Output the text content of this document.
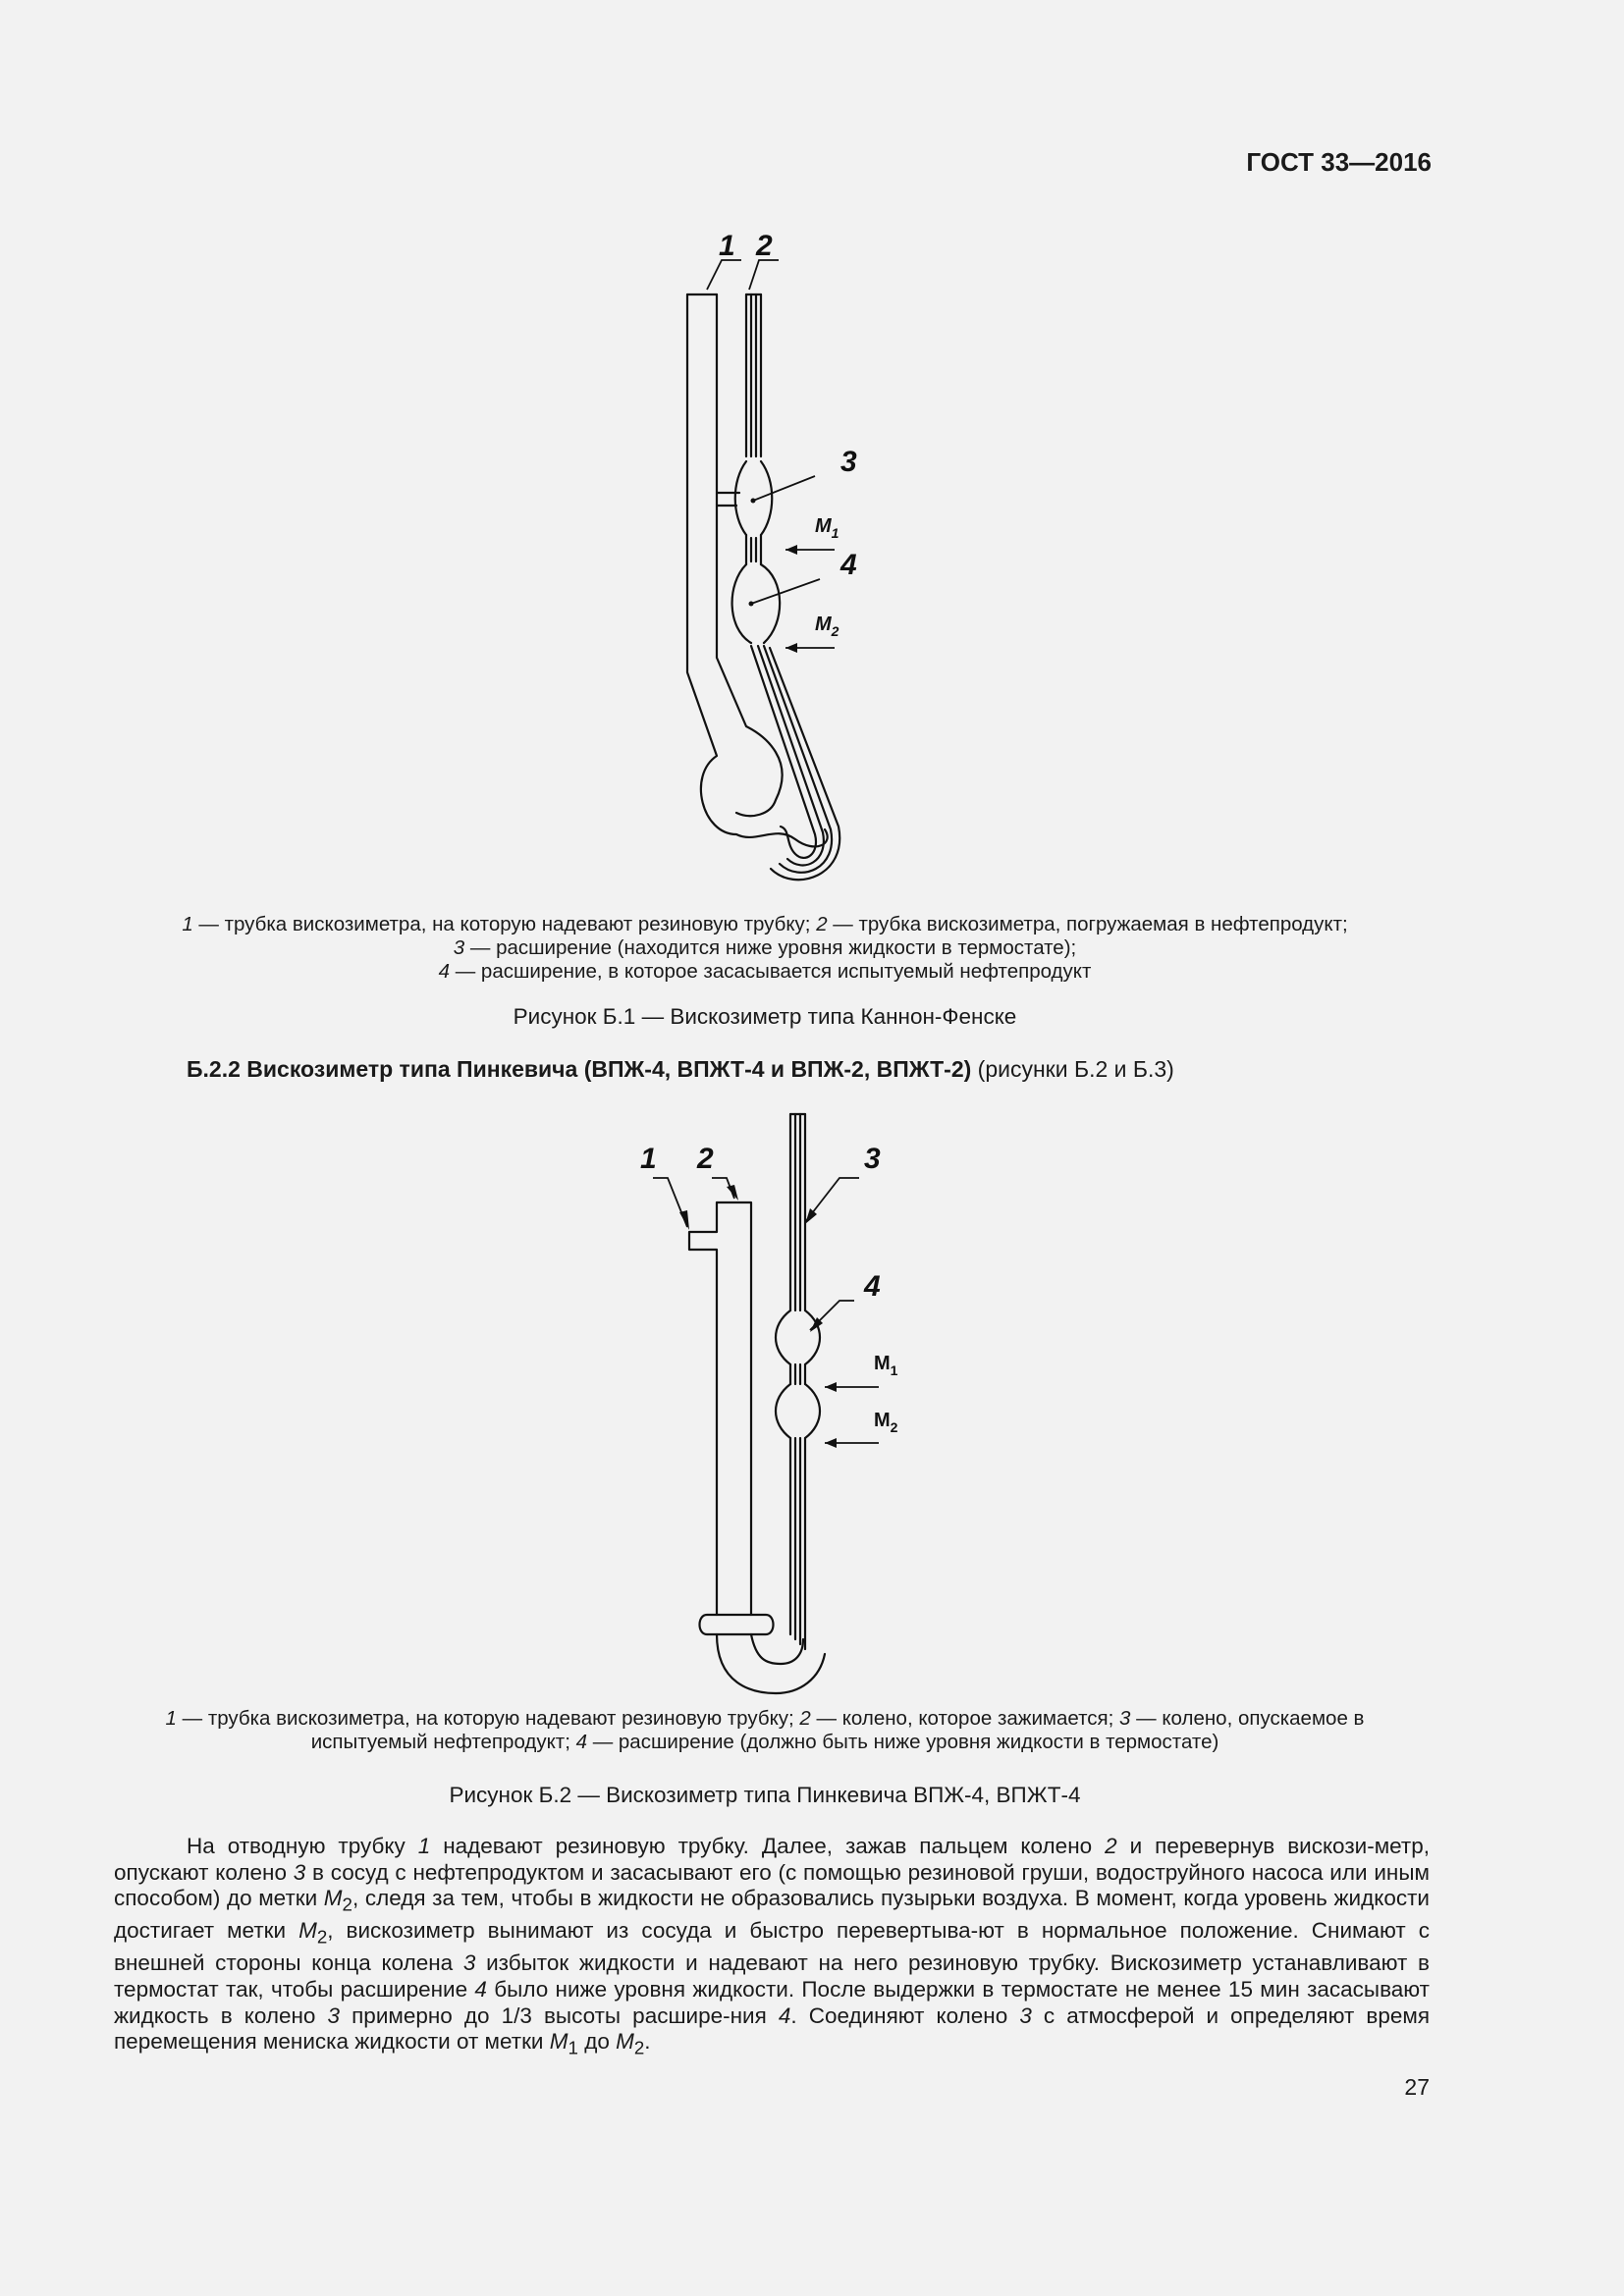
ГОСТ 33—2016
1 2
3
4
$M_1$
$M_2$
1 — трубка вискозиметра, на которую надевают резиновую трубку; 2 — трубка вискозиметра, погружаемая в нефтепродукт;
3 — расширение (находится ниже уровня жидкости в термостате);
4 — расширение, в которое засасывается испытуемый нефтепродукт
Рисунок Б.1 — Вискозиметр типа Каннон-Фенске
Б.2.2 Вискозиметр типа Пинкевича (ВПЖ-4, ВПЖТ-4 и ВПЖ-2, ВПЖТ-2) (рисунки Б.2 и Б.3)
1 2	3
4
$M_1$
$M_2$
1 — трубка вискозиметра, на которую надевают резиновую трубку; 2 — колено, которое зажимается; 3 — колено, опускаемое в
испытуемый нефтепродукт; 4 — расширение (должно быть ниже уровня жидкости в термостате)
Рисунок Б.2 — Вискозиметр типа Пинкевича ВПЖ-4, ВПЖТ-4

На отводную трубку 1 надевают резиновую трубку. Далее, зажав пальцем колено 2 и перевернув вискози-метр, опускают колено 3 в сосуд с нефтепродуктом и засасывают его (с помощью резиновой груши, водоструйного насоса или иным способом) до метки $M_2$, следя за тем, чтобы в жидкости не образовались пузырьки воздуха. В момент, когда уровень жидкости достигает метки $M_2$, вискозиметр вынимают из сосуда и быстро перевертыва-ют в нормальное положение. Снимают с внешней стороны конца колена 3 избыток жидкости и надевают на него резиновую трубку. Вискозиметр устанавливают в термостат так, чтобы расширение 4 было ниже уровня жидкости. После выдержки в термостате не менее 15 мин засасывают жидкость в колено 3 примерно до 1/3 высоты расшире-ния 4. Соединяют колено 3 с атмосферой и определяют время перемещения мениска жидкости от метки $M_1$ до $M_2$.

27
